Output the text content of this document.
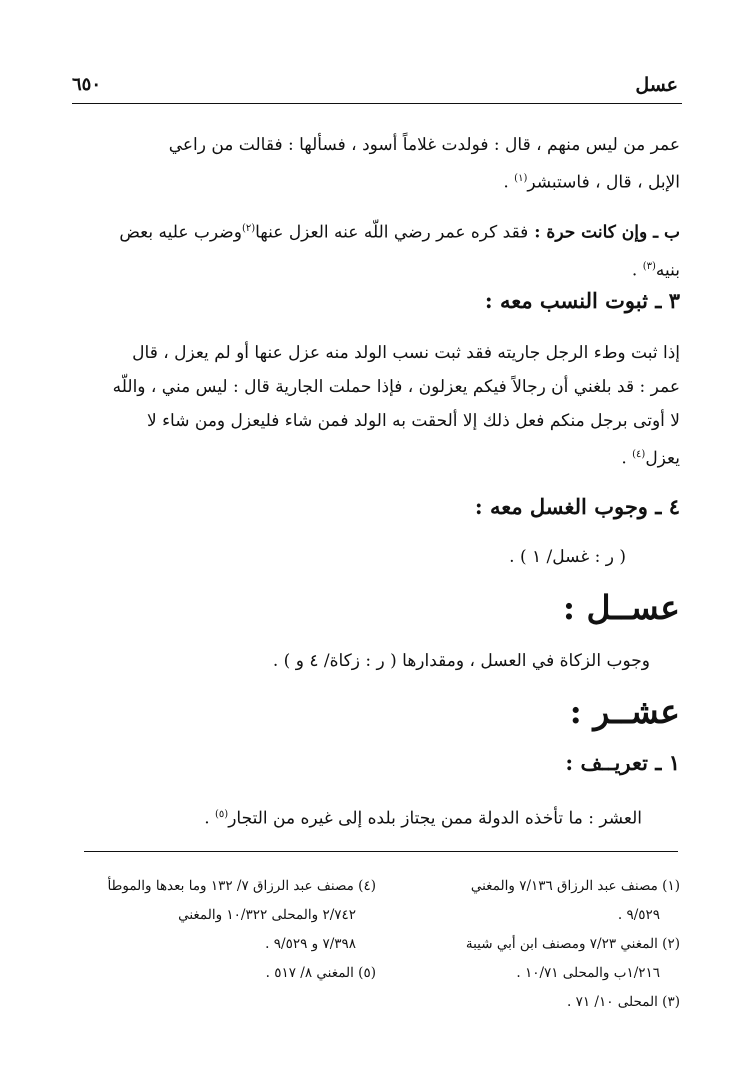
عسل
٦٥٠
عمر من ليس منهم ، قال : فولدت غلاماً أسود ، فسألها : فقالت من راعي
الإبل ، قال ، فاستبشر$^{(١)}$ .
ب ـ وإن كانت حرة : فقد كره عمر رضي اللّه عنه العزل عنها$^{(٢)}$وضرب عليه بعض
بنيه$^{(٣)}$ .
٣ ـ ثبوت النسب معه :
إذا ثبت وطء الرجل جاريته فقد ثبت نسب الولد منه عزل عنها أو لم يعزل ، قال
عمر : قد بلغني أن رجالاً فيكم يعزلون ، فإذا حملت الجارية قال : ليس مني ، واللّه
لا أوتى برجل منكم فعل ذلك إلا ألحقت به الولد فمن شاء فليعزل ومن شاء لا
يعزل$^{(٤)}$ .
٤ ـ وجوب الغسل معه :
( ر : غسل/ ١ ) .
عســل :
وجوب الزكاة في العسل ، ومقدارها ( ر : زكاة/ ٤ و ) .
عشــر :
١ ـ تعريــف :
العشر : ما تأخذه الدولة ممن يجتاز بلده إلى غيره من التجار$^{(٥)}$ .

(١) مصنف عبد الرزاق ٧/١٣٦ والمغني

٩/٥٢٩ .

(٢) المغني ٧/٢٣ ومصنف ابن أبي شيبة

١/٢١٦ب والمحلى ١٠/٧١ .

(٣) المحلى ١٠/ ٧١ .

(٤) مصنف عبد الرزاق ٧/ ١٣٢ وما بعدها والموطأ

٢/٧٤٢ والمحلى ١٠/٣٢٢ والمغني

٧/٣٩٨ و ٩/٥٢٩ .

(٥) المغني ٨/ ٥١٧ .
